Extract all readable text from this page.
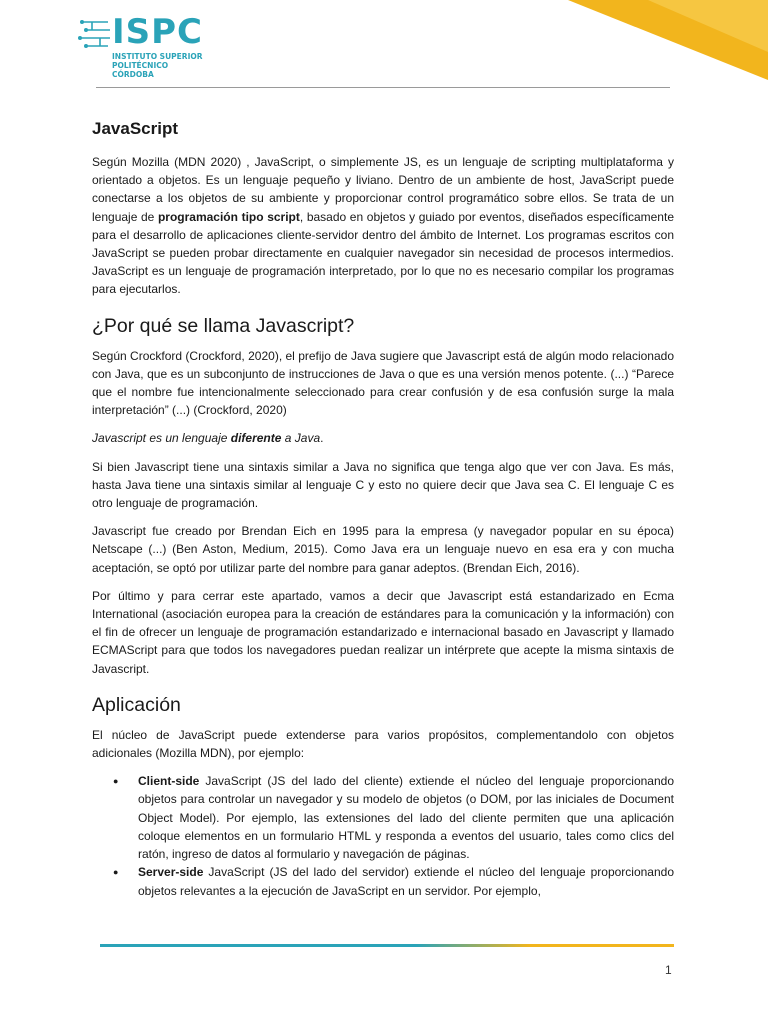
ISPC
INSTITUTO SUPERIOR
POLITÉCNICO CÓRDOBA
JavaScript

Según Mozilla (MDN 2020) , JavaScript, o simplemente JS, es un lenguaje de scripting multiplataforma y orientado a objetos. Es un lenguaje pequeño y liviano. Dentro de un ambiente de host, JavaScript puede conectarse a los objetos de su ambiente y proporcionar control programático sobre ellos. Se trata de un lenguaje de programación tipo script, basado en objetos y guiado por eventos, diseñados específicamente para el desarrollo de aplicaciones cliente-servidor dentro del ámbito de Internet. Los programas escritos con JavaScript se pueden probar directamente en cualquier navegador sin necesidad de procesos intermedios. JavaScript es un lenguaje de programación interpretado, por lo que no es necesario compilar los programas para ejecutarlos.

¿Por qué se llama Javascript?

Según Crockford (Crockford, 2020), el prefijo de Java sugiere que Javascript está de algún modo relacionado con Java, que es un subconjunto de instrucciones de Java o que es una versión menos potente. (...) “Parece que el nombre fue intencionalmente seleccionado para crear confusión y de esa confusión surge la mala interpretación” (...) (Crockford, 2020)

Javascript es un lenguaje diferente a Java.

Si bien Javascript tiene una sintaxis similar a Java no significa que tenga algo que ver con Java. Es más, hasta Java tiene una sintaxis similar al lenguaje C y esto no quiere decir que Java sea C. El lenguaje C es otro lenguaje de programación.

Javascript fue creado por Brendan Eich en 1995 para la empresa (y navegador popular en su época) Netscape (...) (Ben Aston, Medium, 2015). Como Java era un lenguaje nuevo en esa era y con mucha aceptación, se optó por utilizar parte del nombre para ganar adeptos. (Brendan Eich, 2016).

Por último y para cerrar este apartado, vamos a decir que Javascript está estandarizado en Ecma International (asociación europea para la creación de estándares para la comunicación y la información) con el fin de ofrecer un lenguaje de programación estandarizado e internacional basado en Javascript y llamado ECMAScript para que todos los navegadores puedan realizar un intérprete que acepte la misma sintaxis de Javascript.

Aplicación

El núcleo de JavaScript puede extenderse para varios propósitos, complementandolo con objetos adicionales (Mozilla MDN), por ejemplo:

● Client-side JavaScript (JS del lado del cliente) extiende el núcleo del lenguaje proporcionando objetos para controlar un navegador y su modelo de objetos (o DOM, por las iniciales de Document Object Model). Por ejemplo, las extensiones del lado del cliente permiten que una aplicación coloque elementos en un formulario HTML y responda a eventos del usuario, tales como clics del ratón, ingreso de datos al formulario y navegación de páginas.
● Server-side JavaScript (JS del lado del servidor) extiende el núcleo del lenguaje proporcionando objetos relevantes a la ejecución de JavaScript en un servidor. Por ejemplo,
1
